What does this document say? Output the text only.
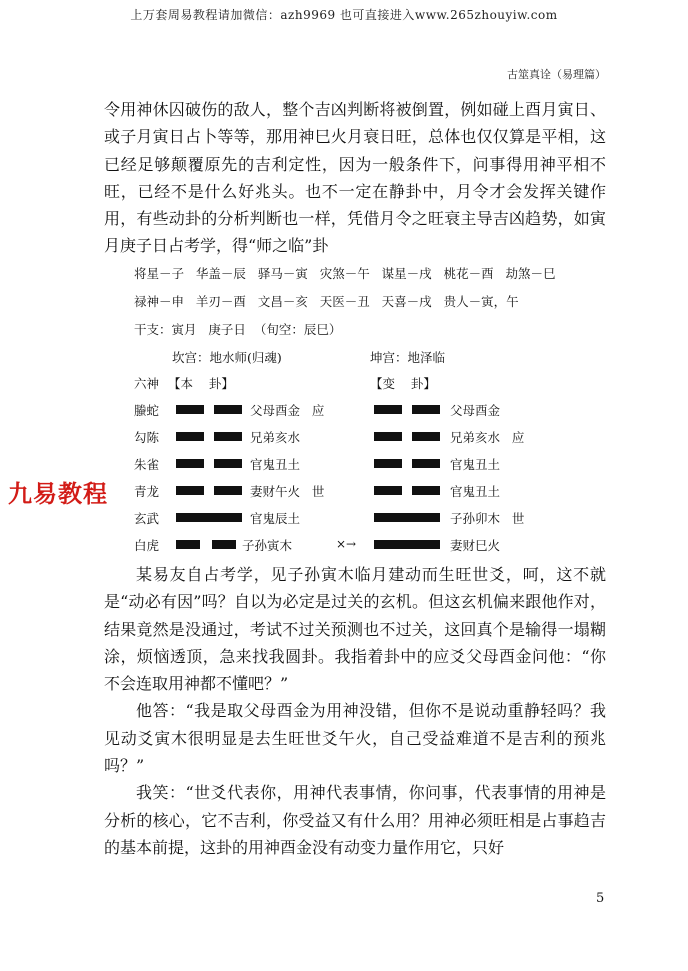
上万套周易教程请加微信：azh9969 也可直接进入www.265zhouyiw.com
古筮真诠（易理篇）

令用神休囚破伤的敌人，整个吉凶判断将被倒置，例如碰上酉月寅日、或子月寅日占卜等等，那用神巳火月衰日旺，总体也仅仅算是平相，这已经足够颠覆原先的吉利定性，因为一般条件下，问事得用神平相不旺，已经不是什么好兆头。也不一定在静卦中，月令才会发挥关键作用，有些动卦的分析判断也一样，凭借月令之旺衰主导吉凶趋势，如寅月庚子日占考学，得“师之临”卦

将星－子   华盖－辰   驿马－寅   灾煞－午   谋星－戌   桃花－酉   劫煞－巳
禄神－申   羊刃－酉   文昌－亥   天医－丑   天喜－戌   贵人－寅，午
干支：寅月   庚子日  （旬空：辰巳）
坎宫：地水师(归魂)	坤宫：地泽临
六神 【本    卦】	【变    卦】
螣蛇	父母酉金   应	父母酉金
勾陈	兄弟亥水	兄弟亥水   应
朱雀	官鬼丑土	官鬼丑土
青龙	妻财午火   世	官鬼丑土
玄武	官鬼辰土	子孙卯木   世
白虎	子孙寅木	×→	妻财巳火
九易教程

某易友自占考学，见子孙寅木临月建动而生旺世爻，呵，这不就是“动必有因”吗？自以为必定是过关的玄机。但这玄机偏来跟他作对，结果竟然是没通过，考试不过关预测也不过关，这回真个是输得一塌糊涂，烦恼透顶，急来找我圆卦。我指着卦中的应爻父母酉金问他：“你不会连取用神都不懂吧？”

他答：“我是取父母酉金为用神没错，但你不是说动重静轻吗？我见动爻寅木很明显是去生旺世爻午火，自己受益难道不是吉利的预兆吗？”

我笑：“世爻代表你，用神代表事情，你问事，代表事情的用神是分析的核心，它不吉利，你受益又有什么用？用神必须旺相是占事趋吉的基本前提，这卦的用神酉金没有动变力量作用它，只好

5
